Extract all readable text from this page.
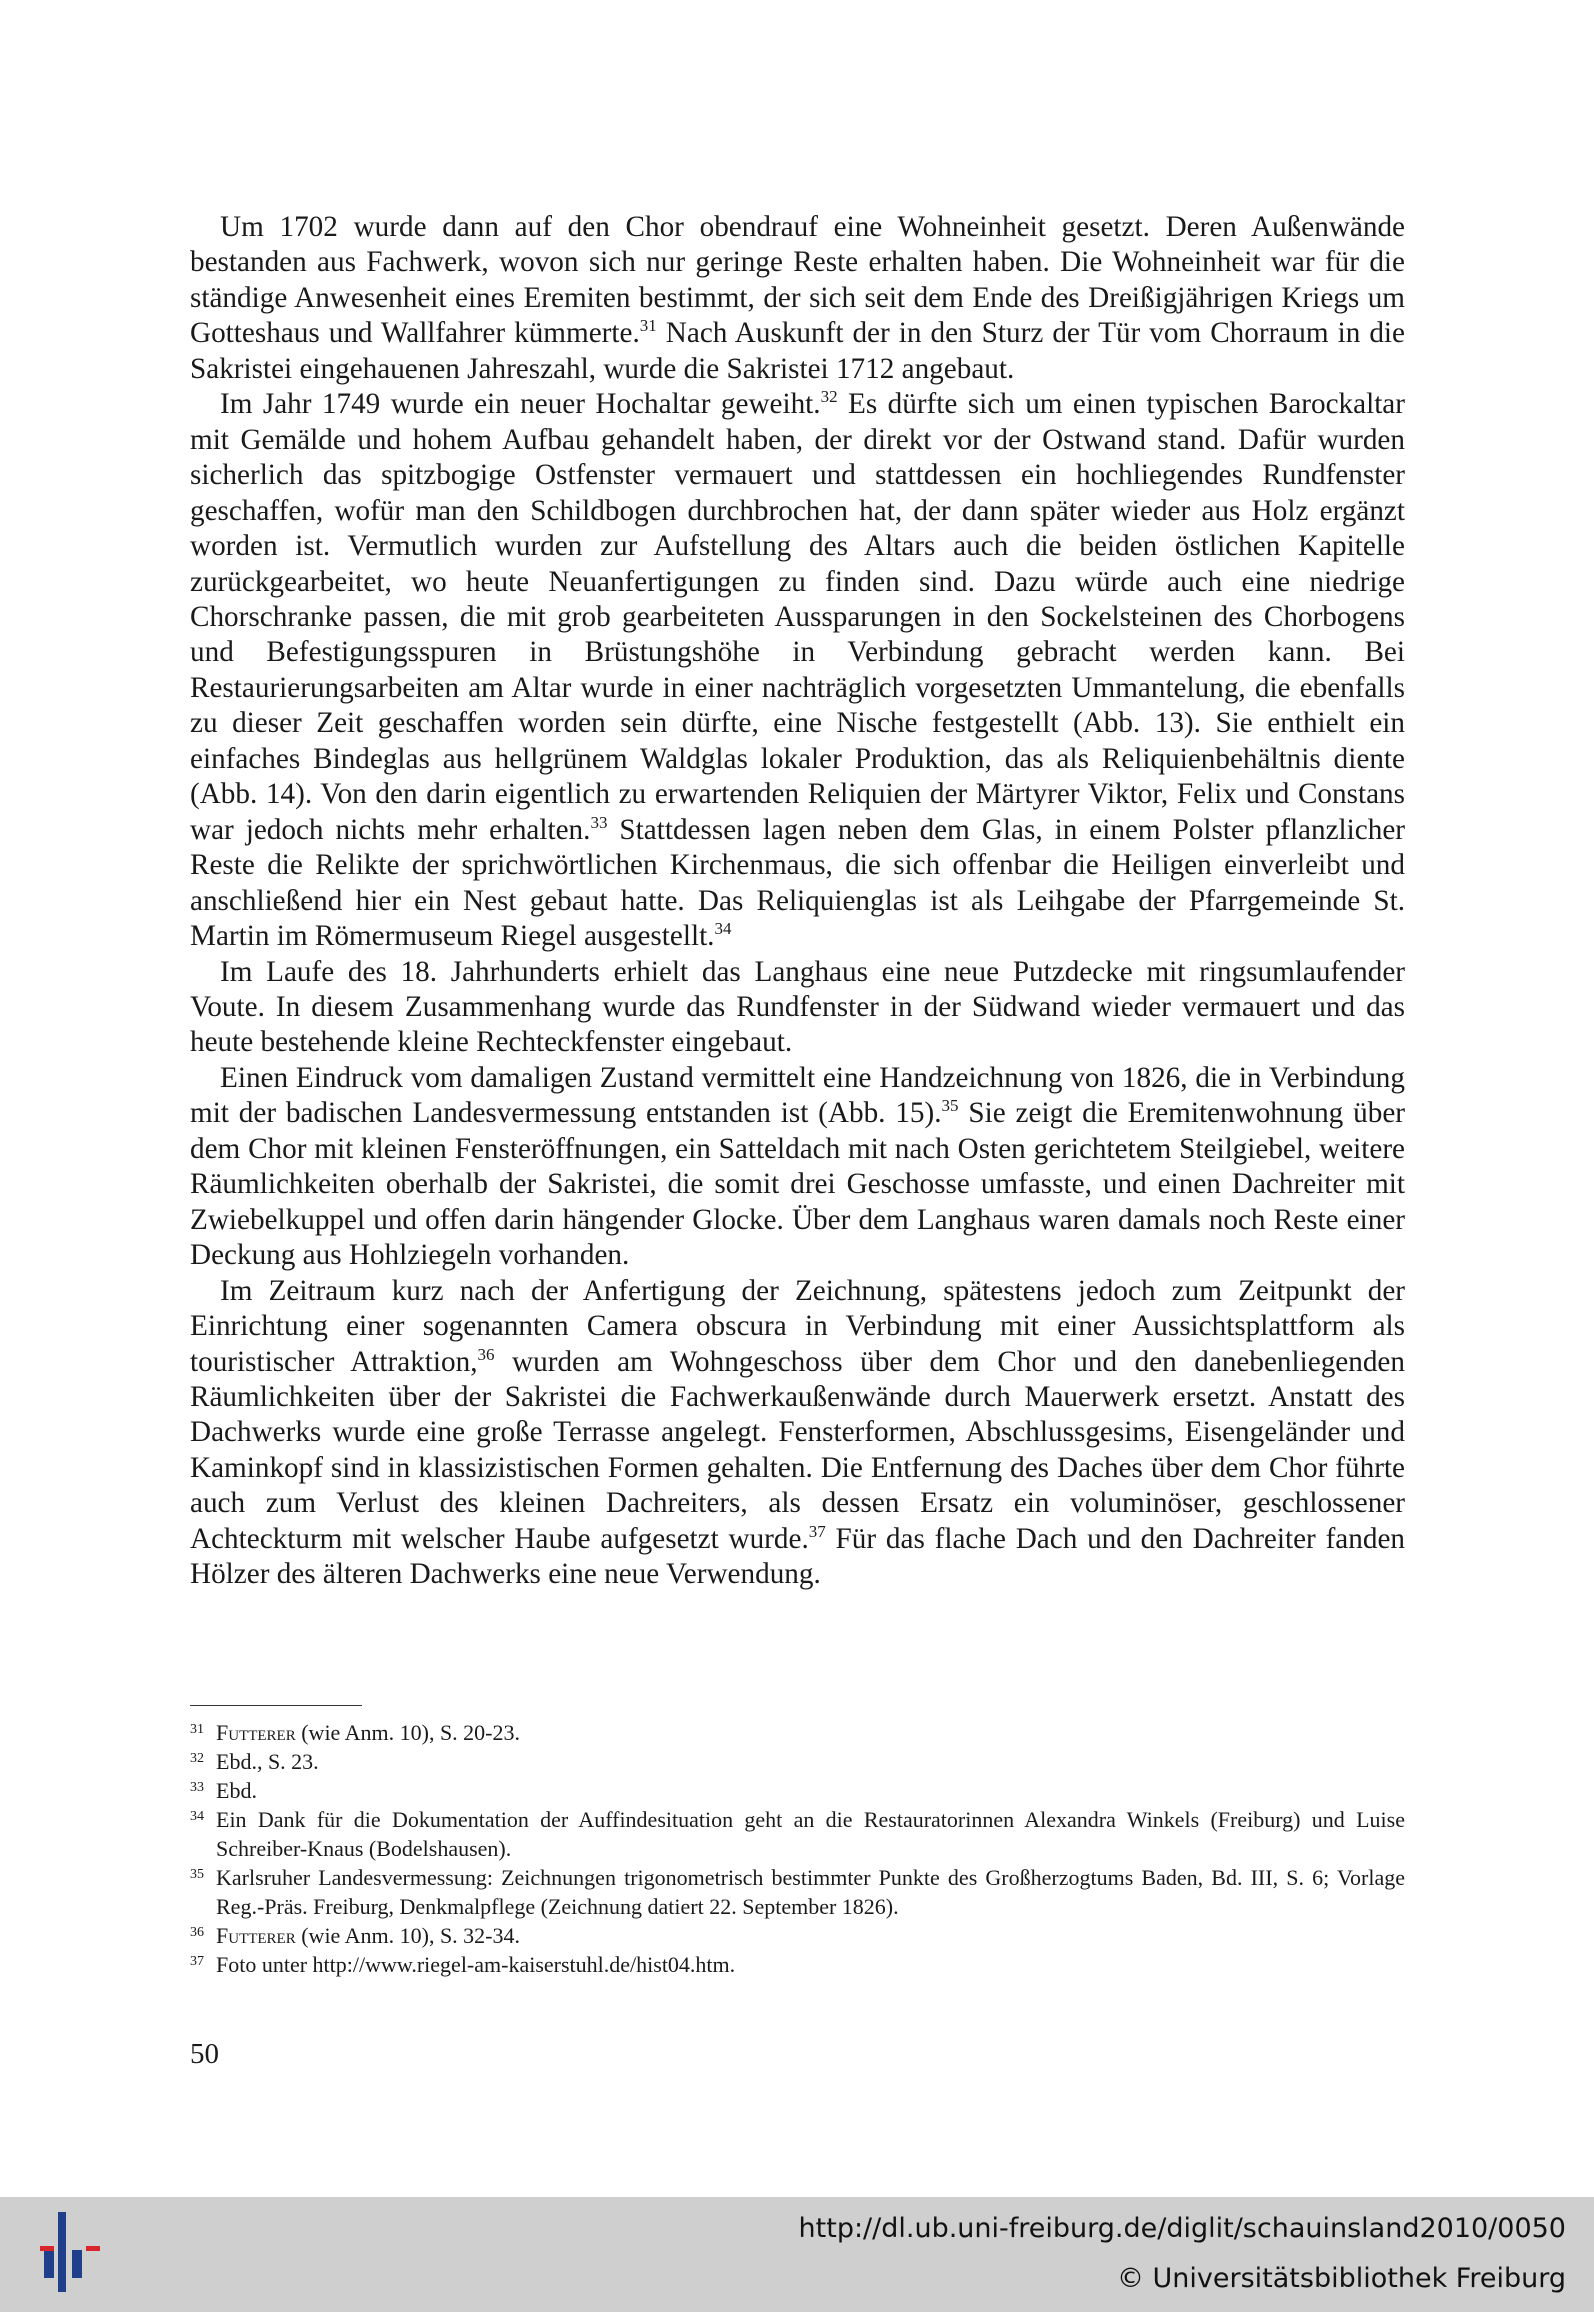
Um 1702 wurde dann auf den Chor obendrauf eine Wohneinheit gesetzt. Deren Außenwände bestanden aus Fachwerk, wovon sich nur geringe Reste erhalten haben. Die Wohneinheit war für die ständige Anwesenheit eines Eremiten bestimmt, der sich seit dem Ende des Dreißigjährigen Kriegs um Gotteshaus und Wallfahrer kümmerte.$^{31}$ Nach Auskunft der in den Sturz der Tür vom Chorraum in die Sakristei eingehauenen Jahreszahl, wurde die Sakristei 1712 angebaut.

Im Jahr 1749 wurde ein neuer Hochaltar geweiht.$^{32}$ Es dürfte sich um einen typischen Barockaltar mit Gemälde und hohem Aufbau gehandelt haben, der direkt vor der Ostwand stand. Dafür wurden sicherlich das spitzbogige Ostfenster vermauert und stattdessen ein hochliegendes Rundfenster geschaffen, wofür man den Schildbogen durchbrochen hat, der dann später wieder aus Holz ergänzt worden ist. Vermutlich wurden zur Aufstellung des Altars auch die beiden östlichen Kapitelle zurückgearbeitet, wo heute Neuanfertigungen zu finden sind. Dazu würde auch eine niedrige Chorschranke passen, die mit grob gearbeiteten Aussparungen in den Sockelsteinen des Chorbogens und Befestigungsspuren in Brüstungshöhe in Verbindung gebracht werden kann. Bei Restaurierungsarbeiten am Altar wurde in einer nachträglich vorgesetzten Ummantelung, die ebenfalls zu dieser Zeit geschaffen worden sein dürfte, eine Nische festgestellt (Abb. 13). Sie enthielt ein einfaches Bindeglas aus hellgrünem Waldglas lokaler Produktion, das als Reliquienbehältnis diente (Abb. 14). Von den darin eigentlich zu erwartenden Reliquien der Märtyrer Viktor, Felix und Constans war jedoch nichts mehr erhalten.$^{33}$ Stattdessen lagen neben dem Glas, in einem Polster pflanzlicher Reste die Relikte der sprichwörtlichen Kirchenmaus, die sich offenbar die Heiligen einverleibt und anschließend hier ein Nest gebaut hatte. Das Reliquienglas ist als Leihgabe der Pfarrgemeinde St. Martin im Römermuseum Riegel ausgestellt.$^{34}$

Im Laufe des 18. Jahrhunderts erhielt das Langhaus eine neue Putzdecke mit ringsumlaufender Voute. In diesem Zusammenhang wurde das Rundfenster in der Südwand wieder vermauert und das heute bestehende kleine Rechteckfenster eingebaut.

Einen Eindruck vom damaligen Zustand vermittelt eine Handzeichnung von 1826, die in Verbindung mit der badischen Landesvermessung entstanden ist (Abb. 15).$^{35}$ Sie zeigt die Eremitenwohnung über dem Chor mit kleinen Fensteröffnungen, ein Satteldach mit nach Osten gerichtetem Steilgiebel, weitere Räumlichkeiten oberhalb der Sakristei, die somit drei Geschosse umfasste, und einen Dachreiter mit Zwiebelkuppel und offen darin hängender Glocke. Über dem Langhaus waren damals noch Reste einer Deckung aus Hohlziegeln vorhanden.

Im Zeitraum kurz nach der Anfertigung der Zeichnung, spätestens jedoch zum Zeitpunkt der Einrichtung einer sogenannten Camera obscura in Verbindung mit einer Aussichtsplattform als touristischer Attraktion,$^{36}$ wurden am Wohngeschoss über dem Chor und den danebenliegenden Räumlichkeiten über der Sakristei die Fachwerkaußenwände durch Mauerwerk ersetzt. Anstatt des Dachwerks wurde eine große Terrasse angelegt. Fensterformen, Abschlussgesims, Eisengeländer und Kaminkopf sind in klassizistischen Formen gehalten. Die Entfernung des Daches über dem Chor führte auch zum Verlust des kleinen Dachreiters, als dessen Ersatz ein voluminöser, geschlossener Achteckturm mit welscher Haube aufgesetzt wurde.$^{37}$ Für das flache Dach und den Dachreiter fanden Hölzer des älteren Dachwerks eine neue Verwendung.

31 Futterer (wie Anm. 10), S. 20-23.
32 Ebd., S. 23.
33 Ebd.
34 Ein Dank für die Dokumentation der Auffindesituation geht an die Restauratorinnen Alexandra Winkels (Freiburg) und Luise Schreiber-Knaus (Bodelshausen).
35 Karlsruher Landesvermessung: Zeichnungen trigonometrisch bestimmter Punkte des Großherzogtums Baden, Bd. III, S. 6; Vorlage Reg.-Präs. Freiburg, Denkmalpflege (Zeichnung datiert 22. September 1826).
36 Futterer (wie Anm. 10), S. 32-34.
37 Foto unter http://www.riegel-am-kaiserstuhl.de/hist04.htm.
50
http://dl.ub.uni-freiburg.de/diglit/schauinsland2010/0050
© Universitätsbibliothek Freiburg
